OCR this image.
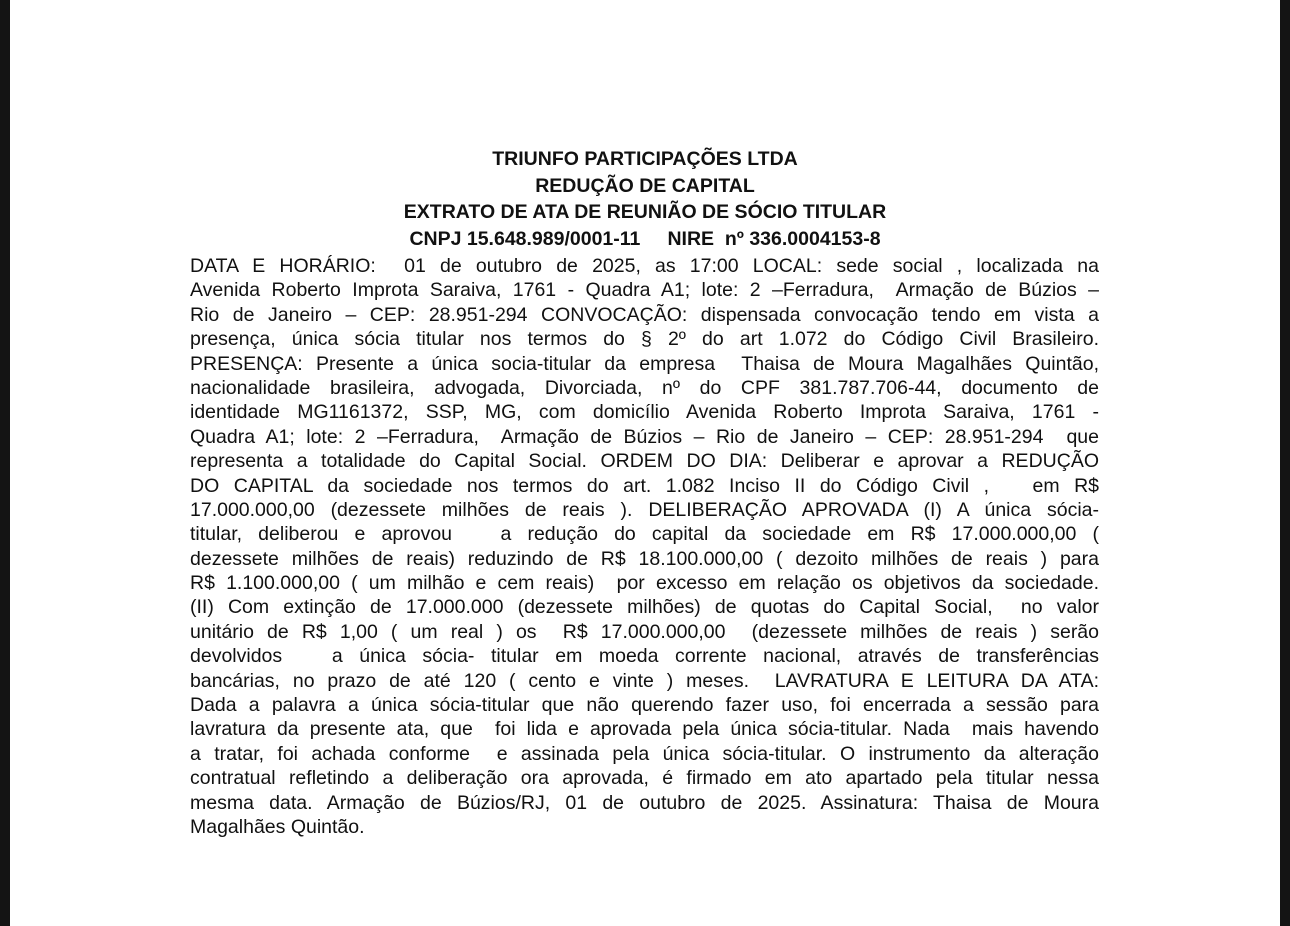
TRIUNFO PARTICIPAÇÕES LTDA
REDUÇÃO DE CAPITAL
EXTRATO DE ATA DE REUNIÃO DE SÓCIO TITULAR
CNPJ 15.648.989/0001-11     NIRE  nº 336.0004153-8
DATA E HORÁRIO:  01 de outubro de 2025, as 17:00 LOCAL: sede social , localizada na
Avenida Roberto Improta Saraiva, 1761 - Quadra A1; lote: 2 –Ferradura,  Armação de Búzios –
Rio de Janeiro – CEP: 28.951-294 CONVOCAÇÃO: dispensada convocação tendo em vista a
presença, única sócia titular nos termos do § 2º do art 1.072 do Código Civil Brasileiro.
PRESENÇA: Presente a única socia-titular da empresa  Thaisa de Moura Magalhães Quintão,
nacionalidade brasileira, advogada, Divorciada, nº do CPF 381.787.706-44, documento de
identidade MG1161372, SSP, MG, com domicílio Avenida Roberto Improta Saraiva, 1761 -
Quadra A1; lote: 2 –Ferradura,  Armação de Búzios – Rio de Janeiro – CEP: 28.951-294  que
representa a totalidade do Capital Social. ORDEM DO DIA: Deliberar e aprovar a REDUÇÃO
DO CAPITAL da sociedade nos termos do art. 1.082 Inciso II do Código Civil ,   em R$
17.000.000,00 (dezessete milhões de reais ). DELIBERAÇÃO APROVADA (I) A única sócia-
titular, deliberou e aprovou   a redução do capital da sociedade em R$ 17.000.000,00 (
dezessete milhões de reais) reduzindo de R$ 18.100.000,00 ( dezoito milhões de reais ) para
R$ 1.100.000,00 ( um milhão e cem reais)  por excesso em relação os objetivos da sociedade.
(II) Com extinção de 17.000.000 (dezessete milhões) de quotas do Capital Social,  no valor
unitário de R$ 1,00 ( um real ) os  R$ 17.000.000,00  (dezessete milhões de reais ) serão
devolvidos   a única sócia- titular em moeda corrente nacional, através de transferências
bancárias, no prazo de até 120 ( cento e vinte ) meses.  LAVRATURA E LEITURA DA ATA:
Dada a palavra a única sócia-titular que não querendo fazer uso, foi encerrada a sessão para
lavratura da presente ata, que  foi lida e aprovada pela única sócia-titular. Nada  mais havendo
a tratar, foi achada conforme  e assinada pela única sócia-titular. O instrumento da alteração
contratual refletindo a deliberação ora aprovada, é firmado em ato apartado pela titular nessa
mesma data. Armação de Búzios/RJ, 01 de outubro de 2025. Assinatura: Thaisa de Moura
Magalhães Quintão.
